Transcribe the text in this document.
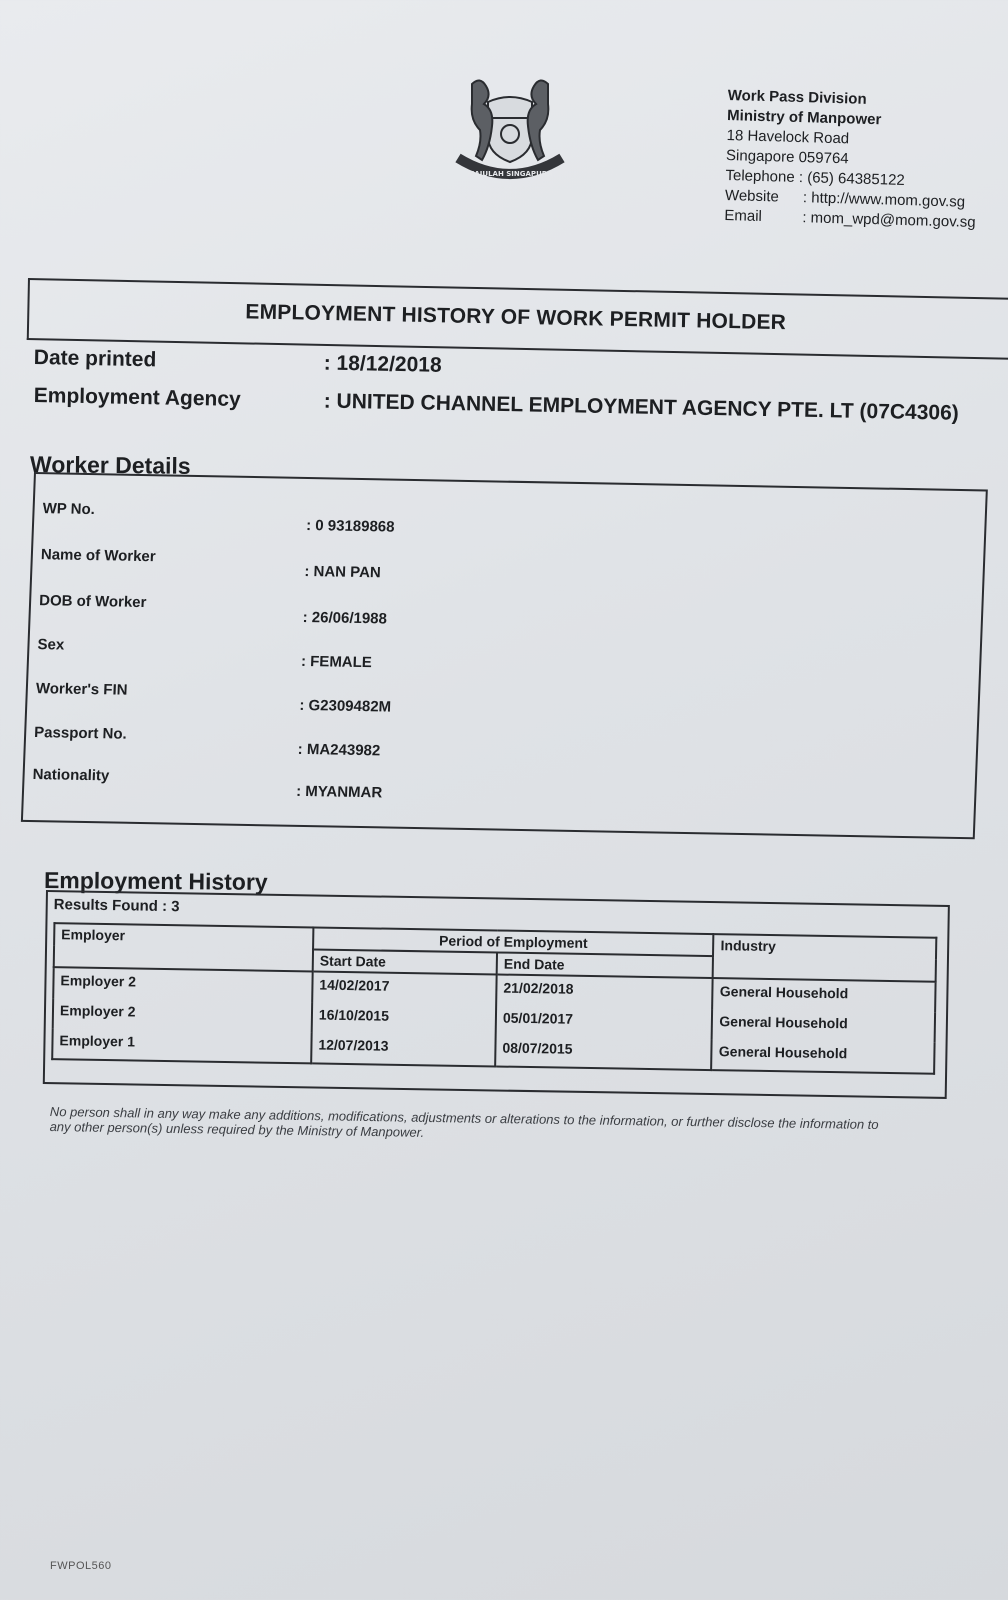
MAJULAH SINGAPURA
Work Pass Division
Ministry of Manpower
18 Havelock Road
Singapore 059764
Telephone : (65) 64385122
Website	: http://www.mom.gov.sg
Email	: mom_wpd@mom.gov.sg
EMPLOYMENT HISTORY OF WORK PERMIT HOLDER
Date printed	: 18/12/2018
Employment Agency	: UNITED CHANNEL EMPLOYMENT AGENCY PTE. LT (07C4306)
Worker Details
WP No.: 0 93189868
Name of Worker: NAN PAN
DOB of Worker: 26/06/1988
Sex: FEMALE
Worker's FIN: G2309482M
Passport No.: MA243982
Nationality: MYANMAR
Employment History
Results Found : 3
Employer	Period of Employment		Industry
	Start Date	End Date	
Employer 2	14/02/2017	21/02/2018	General Household
Employer 2	16/10/2015	05/01/2017	General Household
Employer 1	12/07/2013	08/07/2015	General Household
No person shall in any way make any additions, modifications, adjustments or alterations to the information, or further disclose the information to any other person(s) unless required by the Ministry of Manpower.
FWPOL560
